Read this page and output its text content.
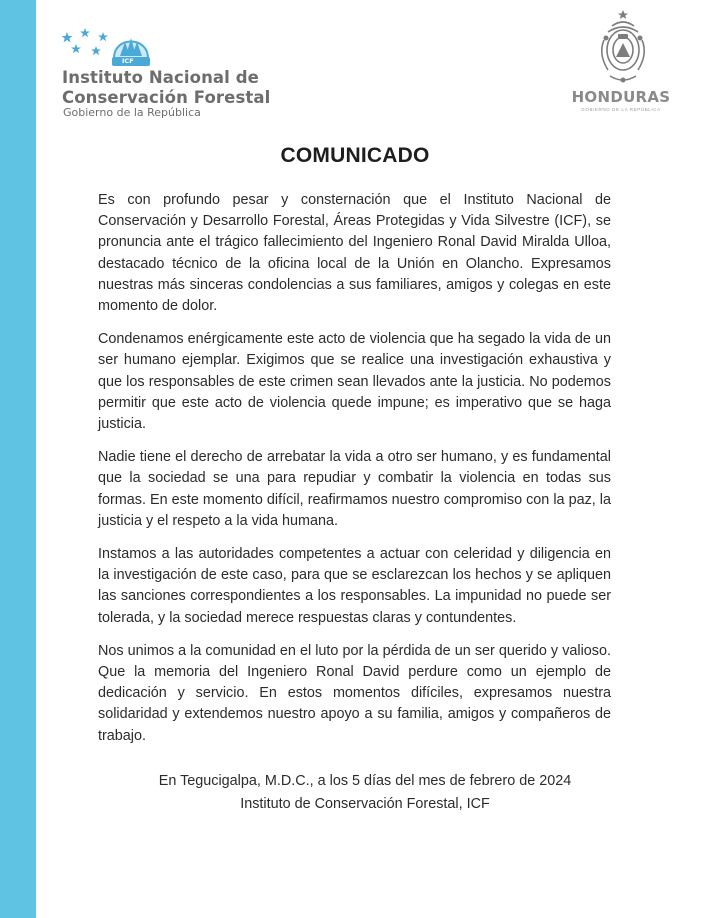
ICF
Instituto Nacional de
Conservación Forestal
Gobierno de la República
HONDURAS
GOBIERNO DE LA REPÚBLICA
COMUNICADO

Es con profundo pesar y consternación que el Instituto Nacional de Conservación y Desarrollo Forestal, Áreas Protegidas y Vida Silvestre (ICF), se pronuncia ante el trágico fallecimiento del Ingeniero Ronal David Miralda Ulloa, destacado técnico de la oficina local de la Unión en Olancho. Expresamos nuestras más sinceras condolencias a sus familiares, amigos y colegas en este momento de dolor.

Condenamos enérgicamente este acto de violencia que ha segado la vida de un ser humano ejemplar. Exigimos que se realice una investigación exhaustiva y que los responsables de este crimen sean llevados ante la justicia. No podemos permitir que este acto de violencia quede impune; es imperativo que se haga justicia.

Nadie tiene el derecho de arrebatar la vida a otro ser humano, y es fundamental que la sociedad se una para repudiar y combatir la violencia en todas sus formas. En este momento difícil, reafirmamos nuestro compromiso con la paz, la justicia y el respeto a la vida humana.

Instamos a las autoridades competentes a actuar con celeridad y diligencia en la investigación de este caso, para que se esclarezcan los hechos y se apliquen las sanciones correspondientes a los responsables. La impunidad no puede ser tolerada, y la sociedad merece respuestas claras y contundentes.

Nos unimos a la comunidad en el luto por la pérdida de un ser querido y valioso. Que la memoria del Ingeniero Ronal David perdure como un ejemplo de dedicación y servicio. En estos momentos difíciles, expresamos nuestra solidaridad y extendemos nuestro apoyo a su familia, amigos y compañeros de trabajo.

En Tegucigalpa, M.D.C., a los 5 días del mes de febrero de 2024
Instituto de Conservación Forestal, ICF
